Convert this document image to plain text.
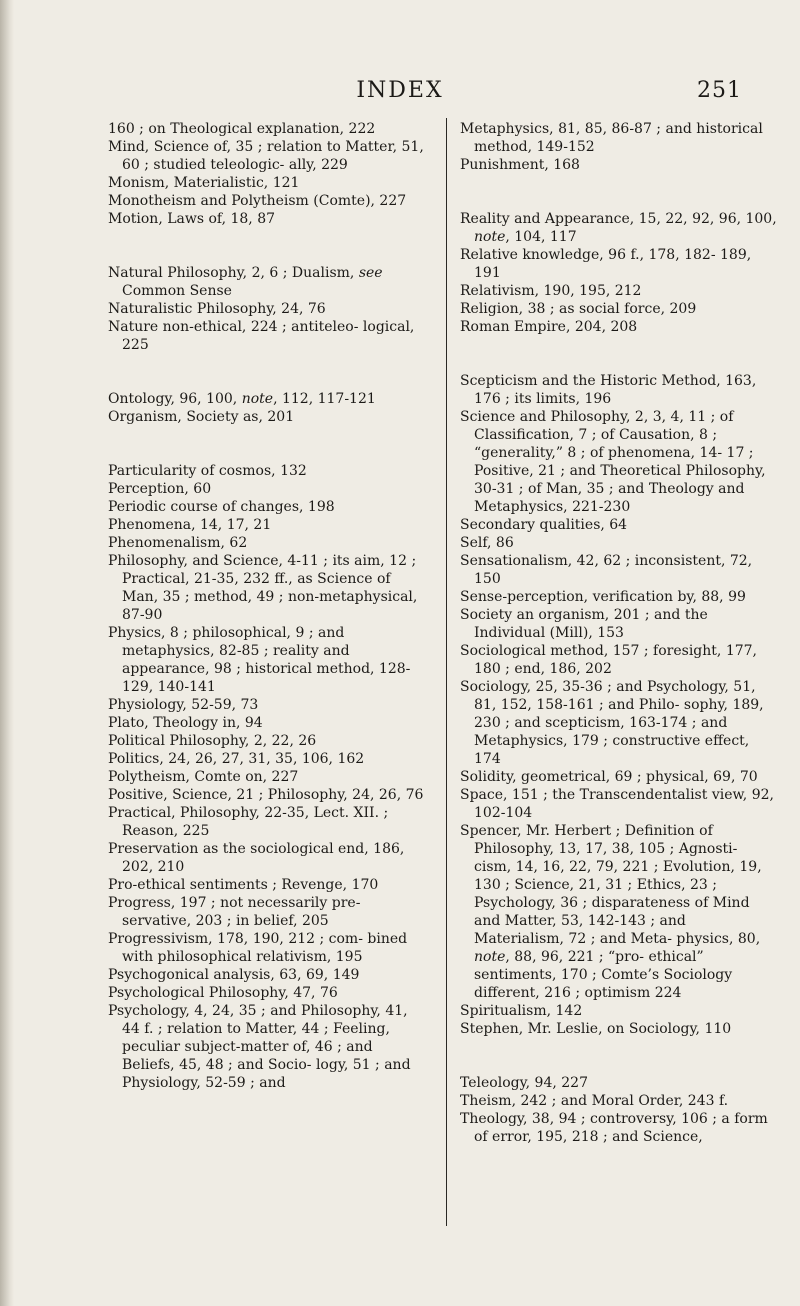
INDEX	251

160 ; on Theological explanation, 222

Mind, Science of, 35 ; relation to Matter, 51, 60 ; studied teleologic- ally, 229

Monism, Materialistic, 121

Monotheism and Polytheism (Comte), 227

Motion, Laws of, 18, 87

Natural Philosophy, 2, 6 ; Dualism, see Common Sense

Naturalistic Philosophy, 24, 76

Nature non-ethical, 224 ; antiteleo- logical, 225

Ontology, 96, 100, note, 112, 117-121

Organism, Society as, 201

Particularity of cosmos, 132

Perception, 60

Periodic course of changes, 198

Phenomena, 14, 17, 21

Phenomenalism, 62

Philosophy, and Science, 4-11 ; its aim, 12 ; Practical, 21-35, 232 ff., as Science of Man, 35 ; method, 49 ; non-metaphysical, 87-90

Physics, 8 ; philosophical, 9 ; and metaphysics, 82-85 ; reality and appearance, 98 ; historical method, 128-129, 140-141

Physiology, 52-59, 73

Plato, Theology in, 94

Political Philosophy, 2, 22, 26

Politics, 24, 26, 27, 31, 35, 106, 162

Polytheism, Comte on, 227

Positive, Science, 21 ; Philosophy, 24, 26, 76

Practical, Philosophy, 22-35, Lect. XII. ; Reason, 225

Preservation as the sociological end, 186, 202, 210

Pro-ethical sentiments ; Revenge, 170

Progress, 197 ; not necessarily pre- servative, 203 ; in belief, 205

Progressivism, 178, 190, 212 ; com- bined with philosophical relativism, 195

Psychogonical analysis, 63, 69, 149

Psychological Philosophy, 47, 76

Psychology, 4, 24, 35 ; and Philosophy, 41, 44 f. ; relation to Matter, 44 ; Feeling, peculiar subject-matter of, 46 ; and Beliefs, 45, 48 ; and Socio- logy, 51 ; and Physiology, 52-59 ; and

Metaphysics, 81, 85, 86-87 ; and historical method, 149-152

Punishment, 168

Reality and Appearance, 15, 22, 92, 96, 100, note, 104, 117

Relative knowledge, 96 f., 178, 182- 189, 191

Relativism, 190, 195, 212

Religion, 38 ; as social force, 209

Roman Empire, 204, 208

Scepticism and the Historic Method, 163, 176 ; its limits, 196

Science and Philosophy, 2, 3, 4, 11 ; of Classification, 7 ; of Causation, 8 ; “generality,” 8 ; of phenomena, 14- 17 ; Positive, 21 ; and Theoretical Philosophy, 30-31 ; of Man, 35 ; and Theology and Metaphysics, 221-230

Secondary qualities, 64

Self, 86

Sensationalism, 42, 62 ; inconsistent, 72, 150

Sense-perception, verification by, 88, 99

Society an organism, 201 ; and the Individual (Mill), 153

Sociological method, 157 ; foresight, 177, 180 ; end, 186, 202

Sociology, 25, 35-36 ; and Psychology, 51, 81, 152, 158-161 ; and Philo- sophy, 189, 230 ; and scepticism, 163-174 ; and Metaphysics, 179 ; constructive effect, 174

Solidity, geometrical, 69 ; physical, 69, 70

Space, 151 ; the Transcendentalist view, 92, 102-104

Spencer, Mr. Herbert ; Definition of Philosophy, 13, 17, 38, 105 ; Agnosti- cism, 14, 16, 22, 79, 221 ; Evolution, 19, 130 ; Science, 21, 31 ; Ethics, 23 ; Psychology, 36 ; disparateness of Mind and Matter, 53, 142-143 ; and Materialism, 72 ; and Meta- physics, 80, note, 88, 96, 221 ; “pro- ethical” sentiments, 170 ; Comte’s Sociology different, 216 ; optimism 224

Spiritualism, 142

Stephen, Mr. Leslie, on Sociology, 110

Teleology, 94, 227

Theism, 242 ; and Moral Order, 243 f.

Theology, 38, 94 ; controversy, 106 ; a form of error, 195, 218 ; and Science,
